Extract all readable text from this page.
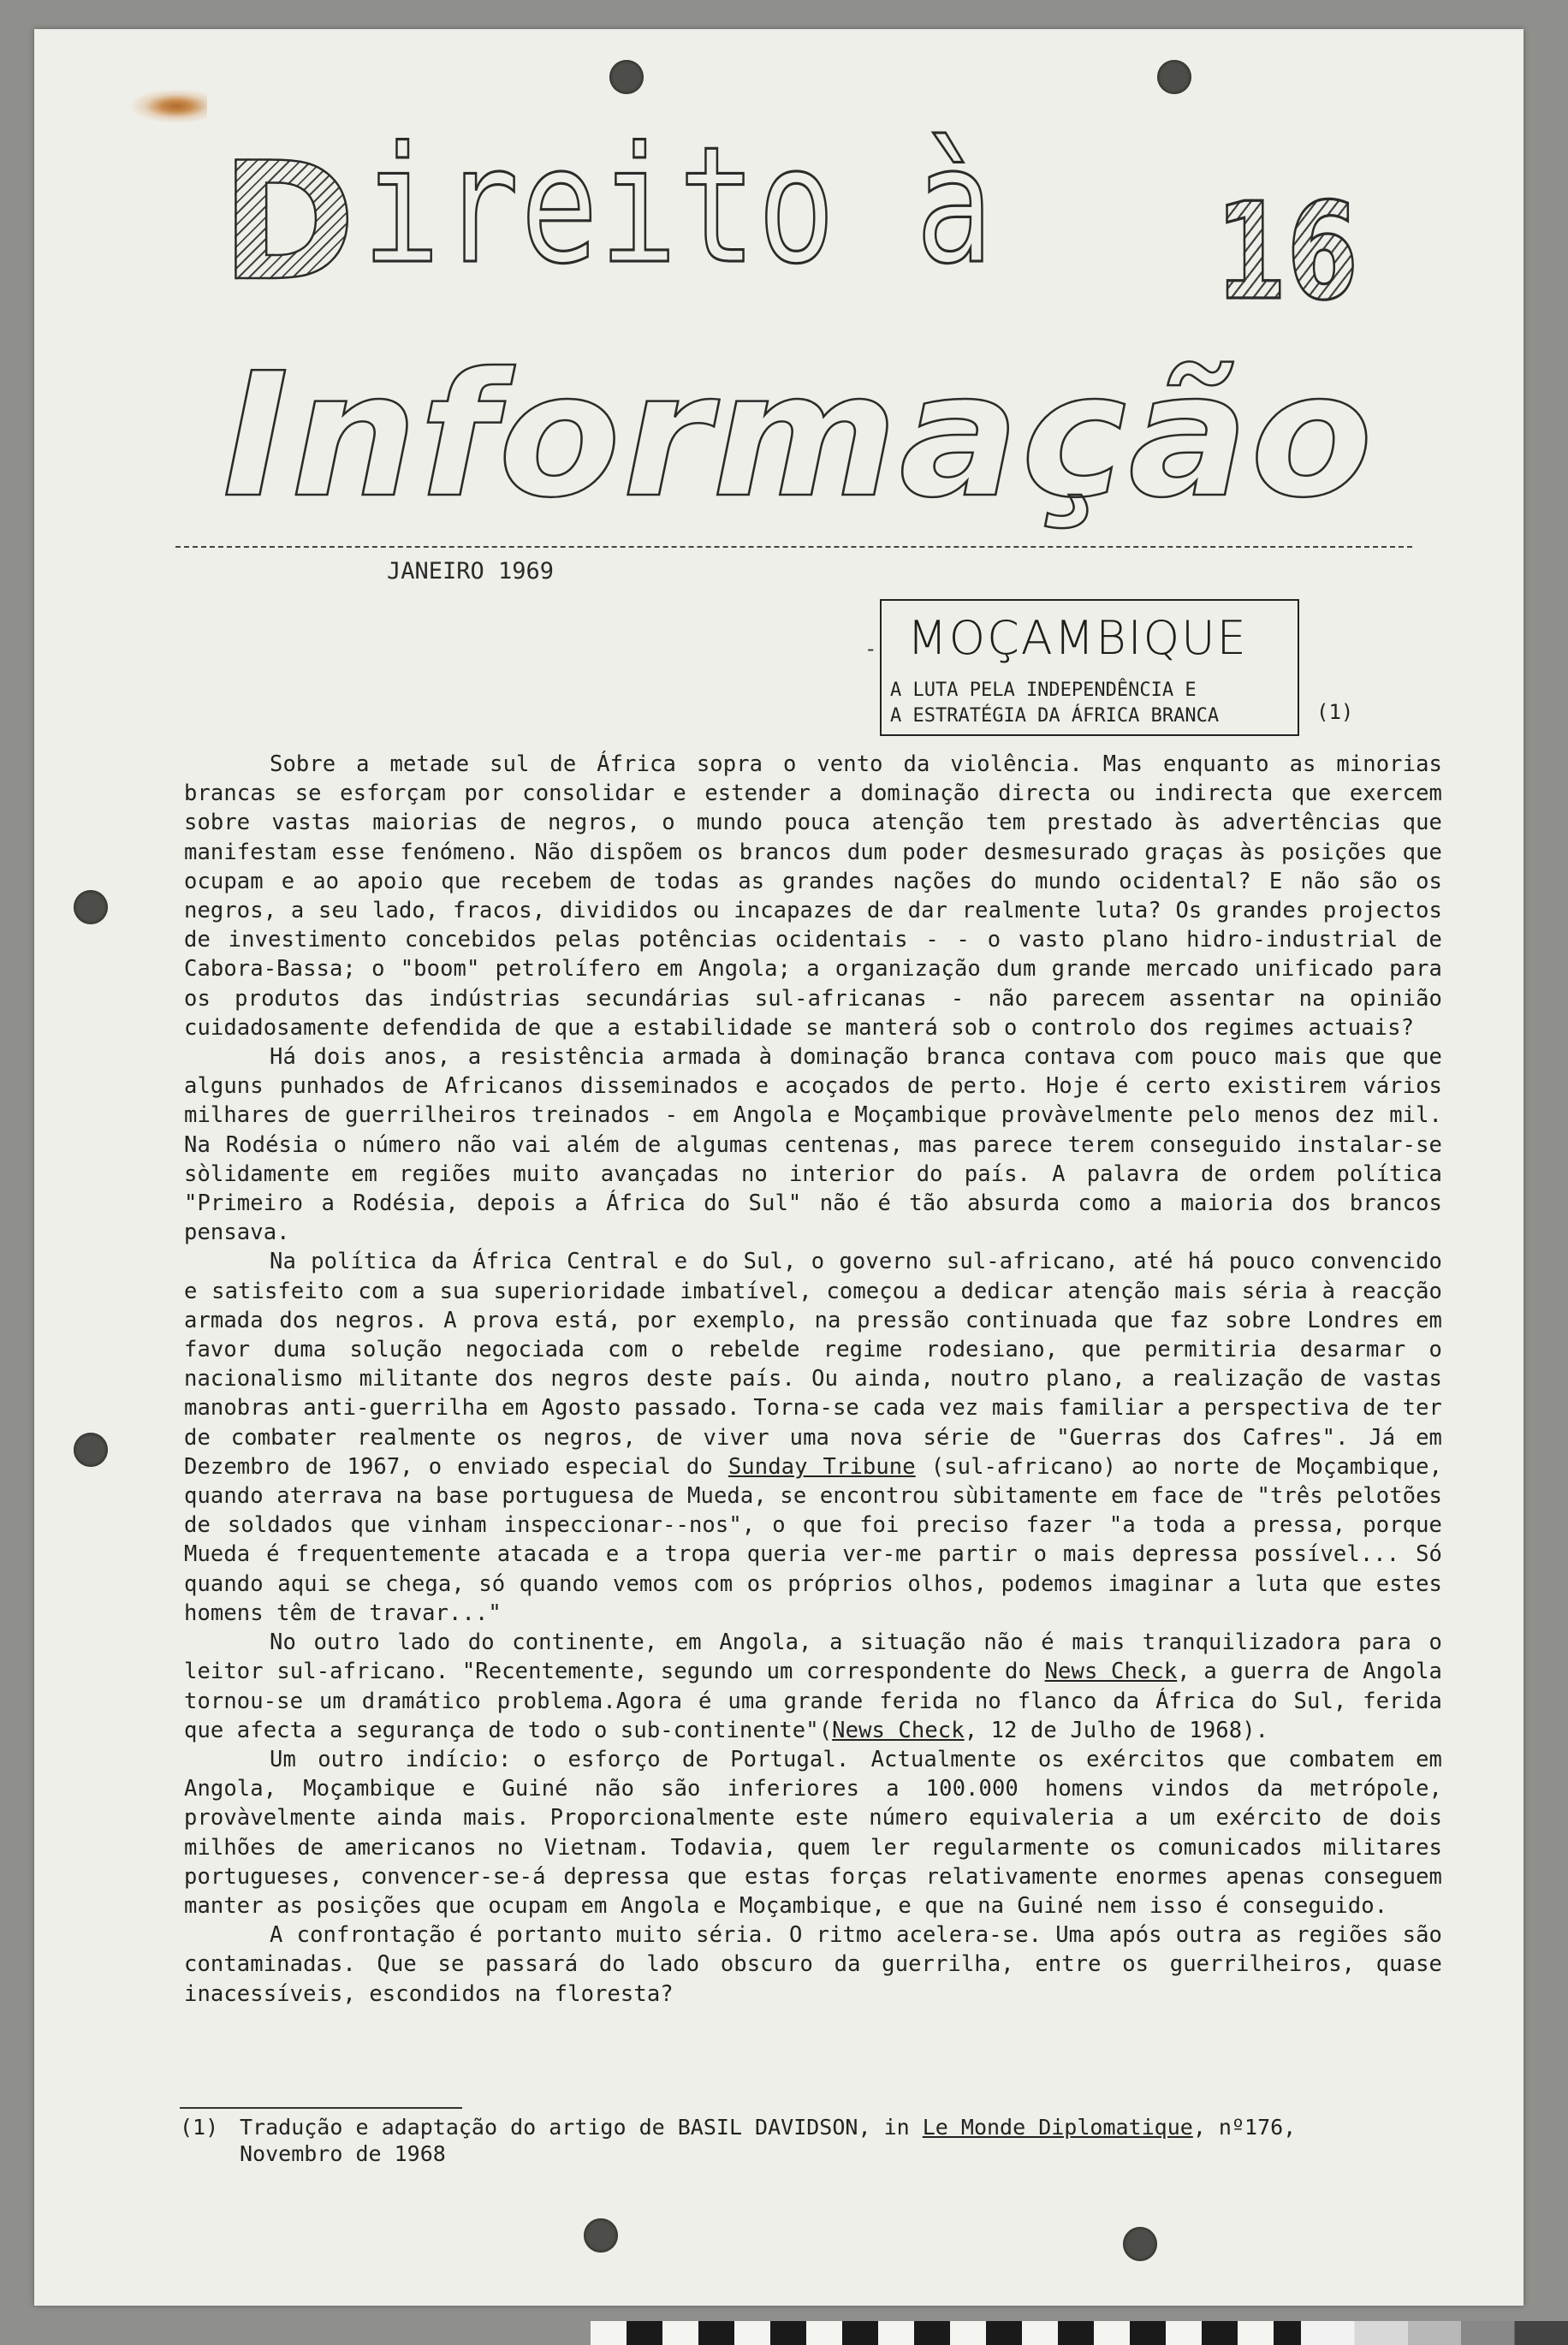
D ireito à 16
Informação
JANEIRO 1969
- MOÇAMBIQUE
A LUTA PELA INDEPENDÊNCIA E
A ESTRATÉGIA DA ÁFRICA BRANCA	(1)

Sobre a metade sul de África sopra o vento da violência. Mas enquanto as minorias brancas se esforçam por consolidar e estender a dominação directa ou indirecta que exercem sobre vastas maiorias de negros, o mundo pouca atenção tem prestado às advertências que manifestam esse fenómeno. Não dispõem os brancos dum poder desmesurado graças às posições que ocupam e ao apoio que recebem de todas as grandes nações do mundo ocidental? E não são os negros, a seu lado, fracos, divididos ou incapazes de dar realmente luta? Os grandes projectos de investimento concebidos pelas potências ocidentais - - o vasto plano hidro-industrial de Cabora-Bassa; o "boom" petrolífero em Angola; a organização dum grande mercado unificado para os produtos das indústrias secundárias sul-africanas - não parecem assentar na opinião cuidadosamente defendida de que a estabilidade se manterá sob o controlo dos regimes actuais?

Há dois anos, a resistência armada à dominação branca contava com pouco mais que que alguns punhados de Africanos disseminados e acoçados de perto. Hoje é certo existirem vários milhares de guerrilheiros treinados - em Angola e Moçambique provàvelmente pelo menos dez mil. Na Rodésia o número não vai além de algumas centenas, mas parece terem conseguido instalar-se sòlidamente em regiões muito avançadas no interior do país. A palavra de ordem política "Primeiro a Rodésia, depois a África do Sul" não é tão absurda como a maioria dos brancos pensava.

Na política da África Central e do Sul, o governo sul-africano, até há pouco convencido e satisfeito com a sua superioridade imbatível, começou a dedicar atenção mais séria à reacção armada dos negros. A prova está, por exemplo, na pressão continuada que faz sobre Londres em favor duma solução negociada com o rebelde regime rodesiano, que permitiria desarmar o nacionalismo militante dos negros deste país. Ou ainda, noutro plano, a realização de vastas manobras anti-guerrilha em Agosto passado. Torna-se cada vez mais familiar a perspectiva de ter de combater realmente os negros, de viver uma nova série de "Guerras dos Cafres". Já em Dezembro de 1967, o enviado especial do Sunday Tribune (sul-africano) ao norte de Moçambique, quando aterrava na base portuguesa de Mueda, se encontrou sùbitamente em face de "três pelotões de soldados que vinham inspeccionar--nos", o que foi preciso fazer "a toda a pressa, porque Mueda é frequentemente atacada e a tropa queria ver-me partir o mais depressa possível... Só quando aqui se chega, só quando vemos com os próprios olhos, podemos imaginar a luta que estes homens têm de travar..."

No outro lado do continente, em Angola, a situação não é mais tranquilizadora para o leitor sul-africano. "Recentemente, segundo um correspondente do News Check, a guerra de Angola tornou-se um dramático problema.Agora é uma grande ferida no flanco da África do Sul, ferida que afecta a segurança de todo o sub-continente"(News Check, 12 de Julho de 1968).

Um outro indício: o esforço de Portugal. Actualmente os exércitos que combatem em Angola, Moçambique e Guiné não são inferiores a 100.000 homens vindos da metrópole, provàvelmente ainda mais. Proporcionalmente este número equivaleria a um exército de dois milhões de americanos no Vietnam. Todavia, quem ler regularmente os comunicados militares portugueses, convencer-se-á depressa que estas forças relativamente enormes apenas conseguem manter as posições que ocupam em Angola e Moçambique, e que na Guiné nem isso é conseguido.

A confrontação é portanto muito séria. O ritmo acelera-se. Uma após outra as regiões são contaminadas. Que se passará do lado obscuro da guerrilha, entre os guerrilheiros, quase inacessíveis, escondidos na floresta?

(1) Tradução e adaptação do artigo de BASIL DAVIDSON, in Le Monde Diplomatique, nº176,
Novembro de 1968
